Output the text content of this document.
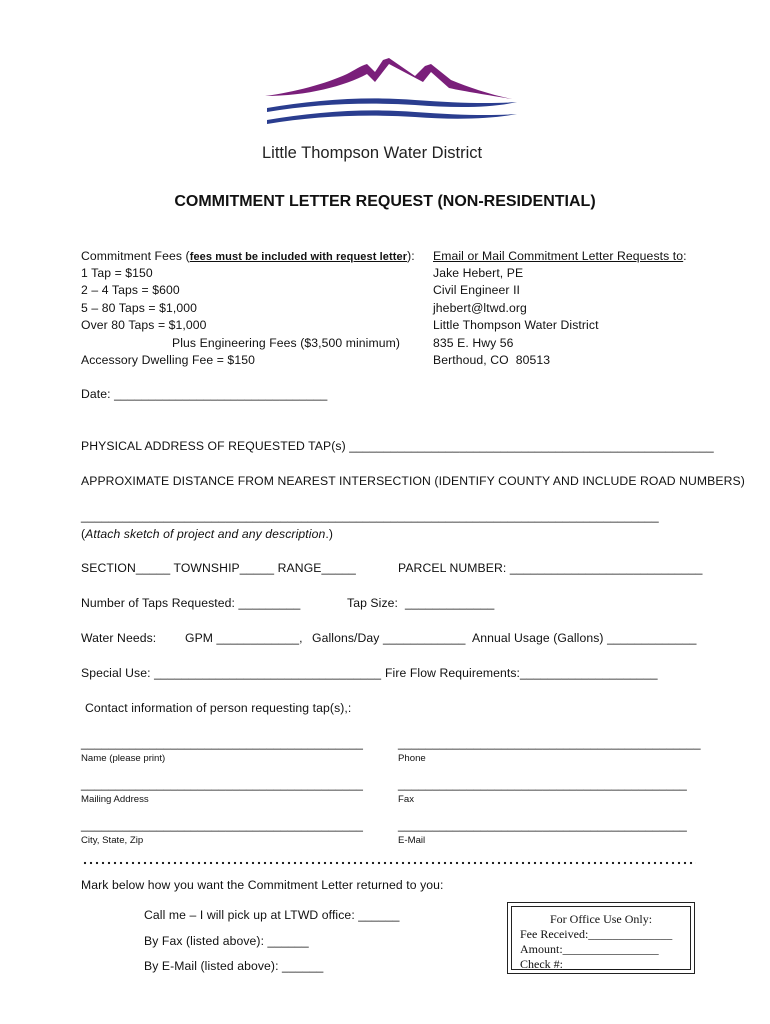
Little Thompson Water District
COMMITMENT LETTER REQUEST (NON-RESIDENTIAL)
Commitment Fees (fees must be included with request letter):
1 Tap = $150
2 – 4 Taps = $600
5 – 80 Taps = $1,000
Over 80 Taps = $1,000
Plus Engineering Fees ($3,500 minimum)
Accessory Dwelling Fee = $150
Email or Mail Commitment Letter Requests to:
Jake Hebert, PE
Civil Engineer II
jhebert@ltwd.org
Little Thompson Water District
835 E. Hwy 56
Berthoud, CO  80513
Date: _______________________________
PHYSICAL ADDRESS OF REQUESTED TAP(s) _____________________________________________________
APPROXIMATE DISTANCE FROM NEAREST INTERSECTION (IDENTIFY COUNTY AND INCLUDE ROAD NUMBERS)
____________________________________________________________________________________
(Attach sketch of project and any description.)
SECTION_____ TOWNSHIP_____ RANGE_____	PARCEL NUMBER: ____________________________
Number of Taps Requested: _________	Tap Size:  _____________
Water Needs: GPM ____________, Gallons/Day ____________ Annual Usage (Gallons) _____________
Special Use: _________________________________ Fire Flow Requirements:____________________
Contact information of person requesting tap(s),:
_________________________________________	____________________________________________
Name (please print)	Phone
_________________________________________	__________________________________________
Mailing Address	Fax
_________________________________________	__________________________________________
City, State, Zip	E-Mail
Mark below how you want the Commitment Letter returned to you:
Call me – I will pick up at LTWD office: ______
By Fax (listed above): ______
By E-Mail (listed above): ______

For Office Use Only:

Fee Received:______________

Amount:________________

Check #:________________
